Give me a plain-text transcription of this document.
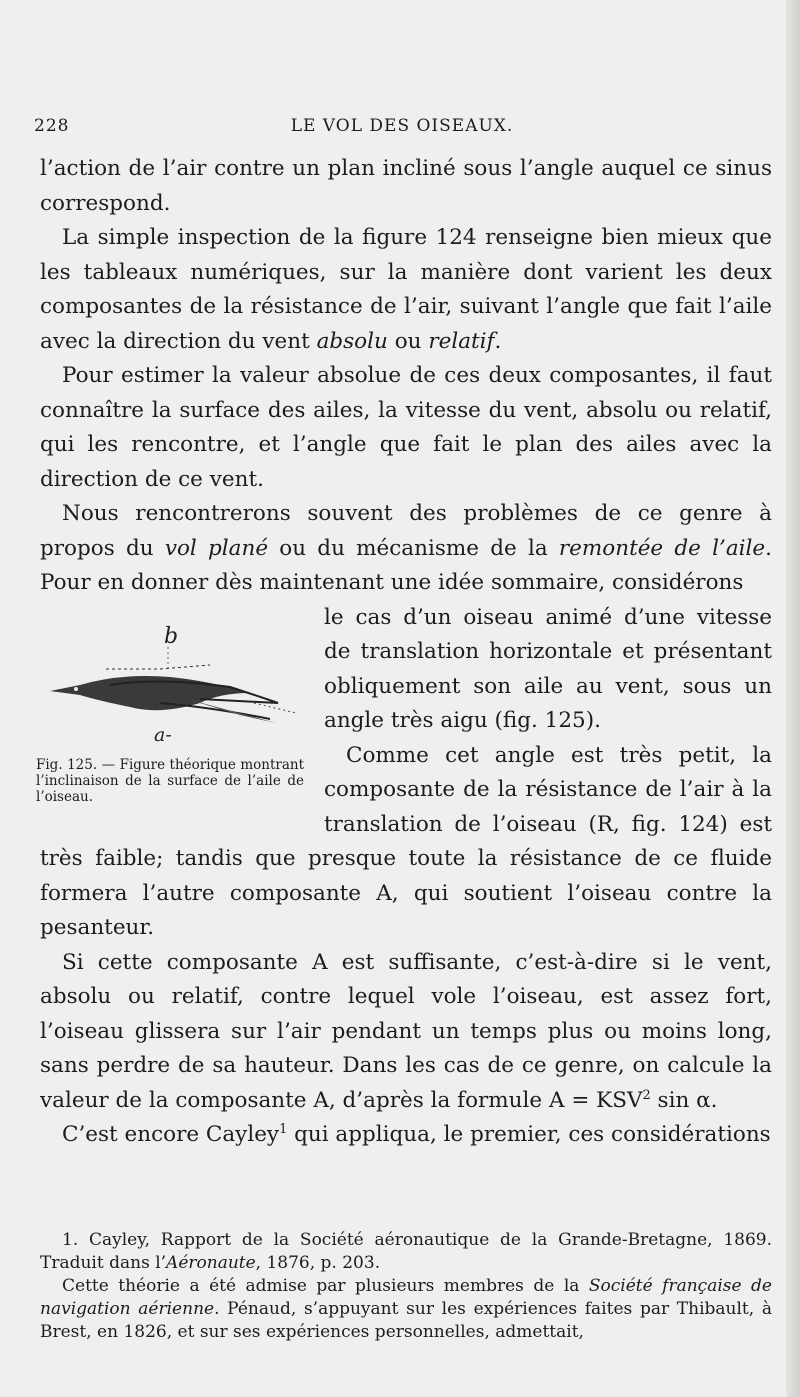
228	LE VOL DES OISEAUX.

l’action de l’air contre un plan incliné sous l’angle auquel ce sinus correspond.

La simple inspection de la figure 124 renseigne bien mieux que les tableaux numériques, sur la manière dont varient les deux composantes de la résistance de l’air, suivant l’angle que fait l’aile avec la direction du vent absolu ou relatif.

Pour estimer la valeur absolue de ces deux composantes, il faut connaître la surface des ailes, la vitesse du vent, absolu ou relatif, qui les rencontre, et l’angle que fait le plan des ailes avec la direction de ce vent.

Nous rencontrerons souvent des problèmes de ce genre à propos du vol plané ou du mécanisme de la remontée de l’aile. Pour en donner dès maintenant une idée sommaire, considérons

b
a-
Fig. 125. — Figure théorique montrant l’inclinaison de la surface de l’aile de l’oiseau.

le cas d’un oiseau animé d’une vitesse de translation horizontale et présentant obliquement son aile au vent, sous un angle très aigu (fig. 125).

Comme cet angle est très petit, la composante de la résistance de l’air à la translation de l’oiseau (R, fig. 124) est très faible; tandis que presque toute la résistance de ce fluide formera l’autre composante A, qui soutient l’oiseau contre la pesanteur.

Si cette composante A est suffisante, c’est-à-dire si le vent, absolu ou relatif, contre lequel vole l’oiseau, est assez fort, l’oiseau glissera sur l’air pendant un temps plus ou moins long, sans perdre de sa hauteur. Dans les cas de ce genre, on calcule la valeur de la composante A, d’après la formule $A = KSV^2$ sin α.

C’est encore Cayley$^1$ qui appliqua, le premier, ces considérations

1. Cayley, Rapport de la Société aéronautique de la Grande-Bretagne, 1869. Traduit dans l’Aéronaute, 1876, p. 203.

Cette théorie a été admise par plusieurs membres de la Société française de navigation aérienne. Pénaud, s’appuyant sur les expériences faites par Thibault, à Brest, en 1826, et sur ses expériences personnelles, admettait,
